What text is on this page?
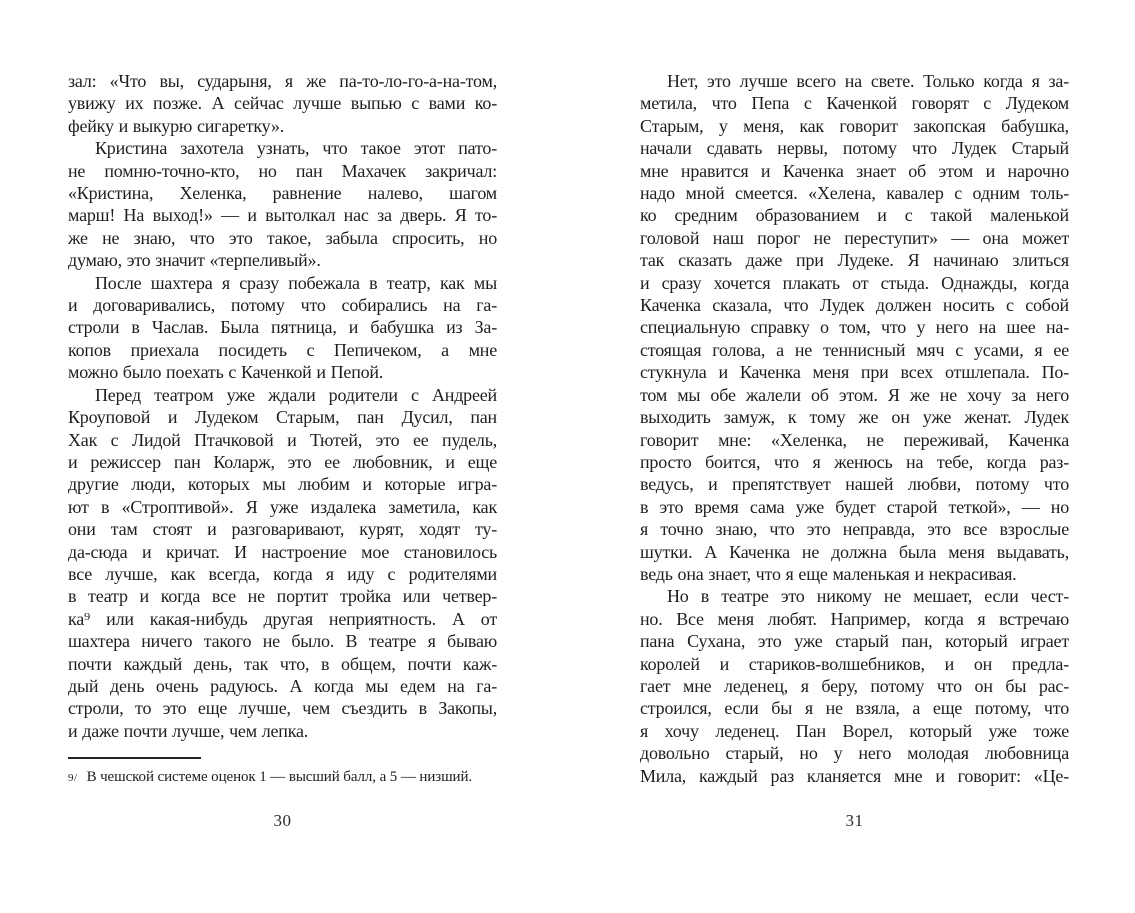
зал: «Что вы, сударыня, я же па-то-ло-го-а-на-том,
увижу их позже. А сейчас лучше выпью с вами ко-
фейку и выкурю сигаретку».
Кристина захотела узнать, что такое этот пато-
не помню-точно-кто, но пан Махачек закричал:
«Кристина, Хеленка, равнение налево, шагом
марш! На выход!» — и вытолкал нас за дверь. Я то-
же не знаю, что это такое, забыла спросить, но
думаю, это значит «терпеливый».
После шахтера я сразу побежала в театр, как мы
и договаривались, потому что собирались на га-
строли в Часлав. Была пятница, и бабушка из За-
копов приехала посидеть с Пепичеком, а мне
можно было поехать с Каченкой и Пепой.
Перед театром уже ждали родители с Андреей
Кроуповой и Лудеком Старым, пан Дусил, пан
Хак с Лидой Птачковой и Тютей, это ее пудель,
и режиссер пан Коларж, это ее любовник, и еще
другие люди, которых мы любим и которые игра-
ют в «Строптивой». Я уже издалека заметила, как
они там стоят и разговаривают, курят, ходят ту-
да-сюда и кричат. И настроение мое становилось
все лучше, как всегда, когда я иду с родителями
в театр и когда все не портит тройка или четвер-
ка⁹ или какая-нибудь другая неприятность. А от
шахтера ничего такого не было. В театре я бываю
почти каждый день, так что, в общем, почти каж-
дый день очень радуюсь. А когда мы едем на га-
строли, то это еще лучше, чем съездить в Закопы,
и даже почти лучше, чем лепка.
9/ В чешской системе оценок 1 — высший балл, а 5 — низший.
30
Нет, это лучше всего на свете. Только когда я за-
метила, что Пепа с Каченкой говорят с Лудеком
Старым, у меня, как говорит закопская бабушка,
начали сдавать нервы, потому что Лудек Старый
мне нравится и Каченка знает об этом и нарочно
надо мной смеется. «Хелена, кавалер с одним толь-
ко средним образованием и с такой маленькой
головой наш порог не переступит» — она может
так сказать даже при Лудеке. Я начинаю злиться
и сразу хочется плакать от стыда. Однажды, когда
Каченка сказала, что Лудек должен носить с собой
специальную справку о том, что у него на шее на-
стоящая голова, а не теннисный мяч с усами, я ее
стукнула и Каченка меня при всех отшлепала. По-
том мы обе жалели об этом. Я же не хочу за него
выходить замуж, к тому же он уже женат. Лудек
говорит мне: «Хеленка, не переживай, Каченка
просто боится, что я женюсь на тебе, когда раз-
ведусь, и препятствует нашей любви, потому что
в это время сама уже будет старой теткой», — но
я точно знаю, что это неправда, это все взрослые
шутки. А Каченка не должна была меня выдавать,
ведь она знает, что я еще маленькая и некрасивая.
Но в театре это никому не мешает, если чест-
но. Все меня любят. Например, когда я встречаю
пана Сухана, это уже старый пан, который играет
королей и стариков-волшебников, и он предла-
гает мне леденец, я беру, потому что он бы рас-
строился, если бы я не взяла, а еще потому, что
я хочу леденец. Пан Ворел, который уже тоже
довольно старый, но у него молодая любовница
Мила, каждый раз кланяется мне и говорит: «Це-
31
